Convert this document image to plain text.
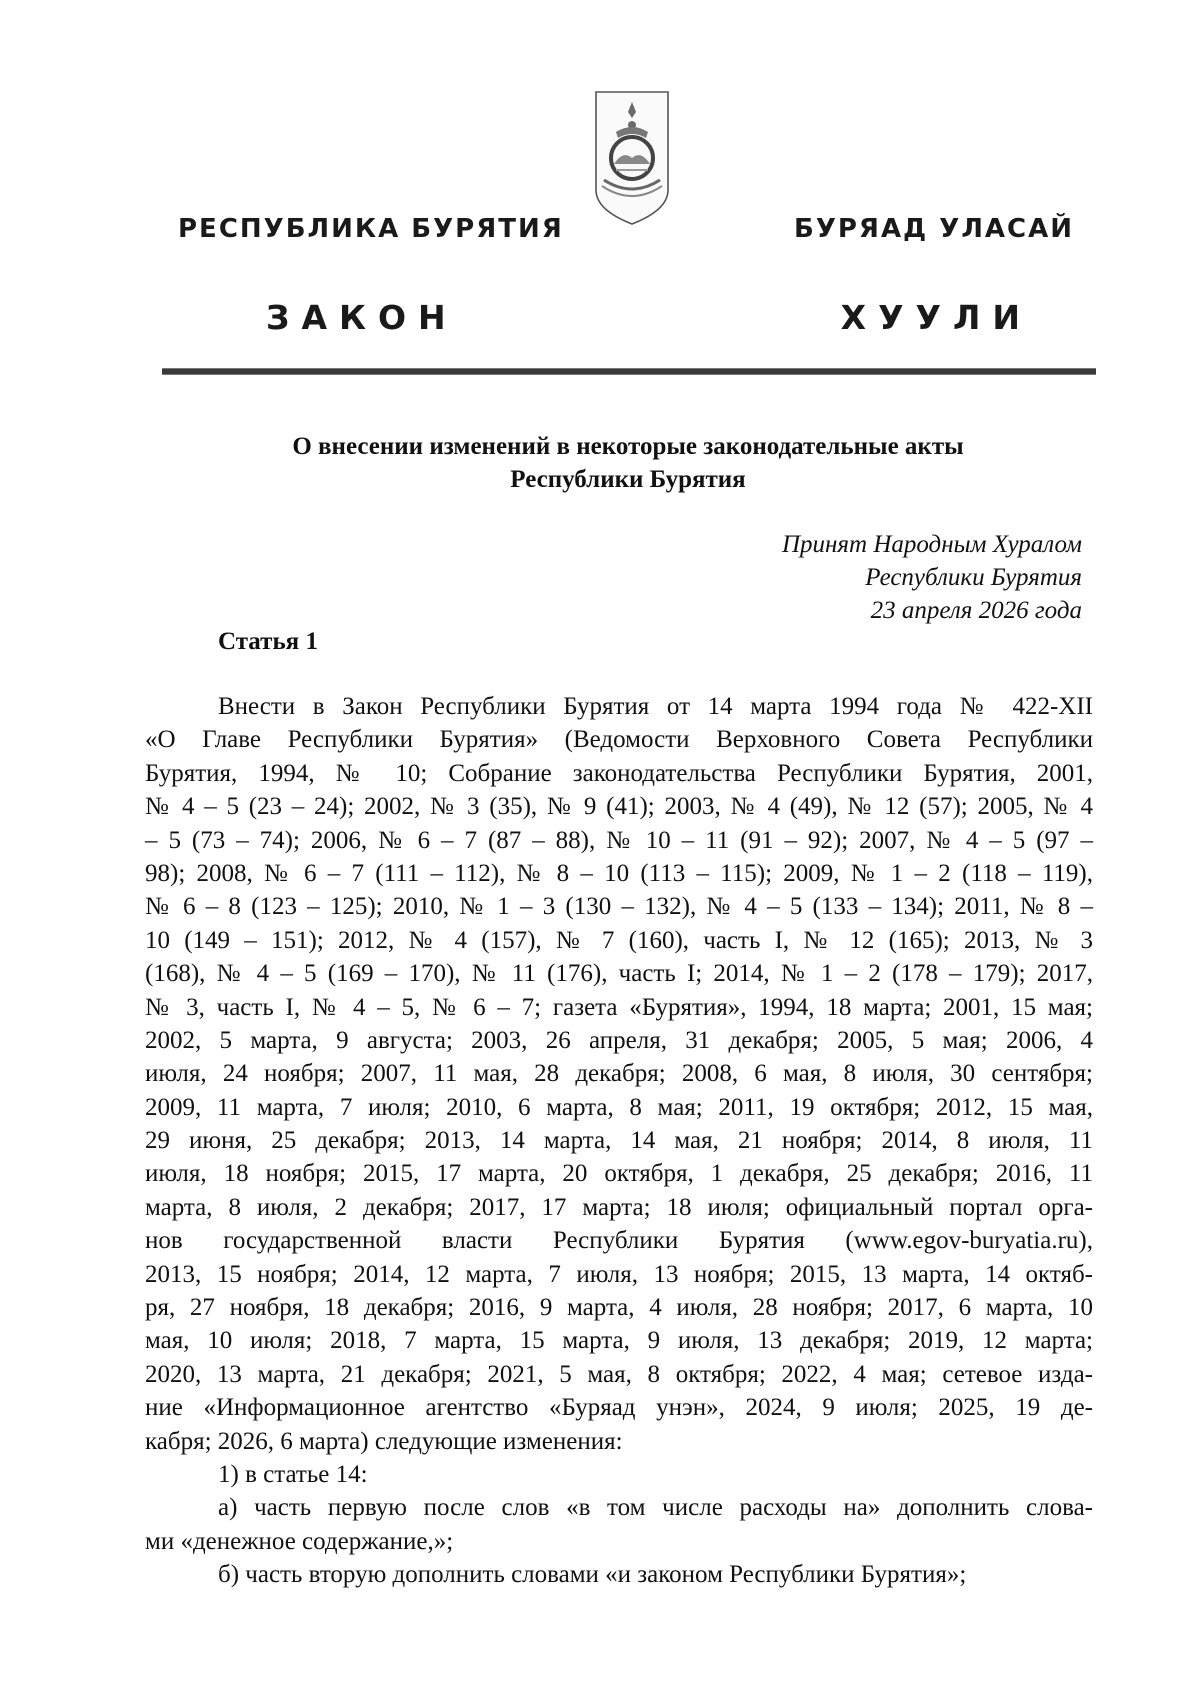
РЕСПУБЛИКА БУРЯТИЯ	БУРЯАД УЛАСАЙ
ЗАКОН	ХУУЛИ
О внесении изменений в некоторые законодательные акты
Республики Бурятия
Принят Народным Хуралом
Республики Бурятия
23 апреля 2026 года
Статья 1
Внести в Закон Республики Бурятия от 14 марта 1994 года № 422-XII
«О Главе Республики Бурятия» (Ведомости Верховного Совета Республики
Бурятия, 1994, № 10; Собрание законодательства Республики Бурятия, 2001,
№ 4 – 5 (23 – 24); 2002, № 3 (35), № 9 (41); 2003, № 4 (49), № 12 (57); 2005, № 4
– 5 (73 – 74); 2006, № 6 – 7 (87 – 88), № 10 – 11 (91 – 92); 2007, № 4 – 5 (97 –
98); 2008, № 6 – 7 (111 – 112), № 8 – 10 (113 – 115); 2009, № 1 – 2 (118 – 119),
№ 6 – 8 (123 – 125); 2010, № 1 – 3 (130 – 132), № 4 – 5 (133 – 134); 2011, № 8 –
10 (149 – 151); 2012, № 4 (157), № 7 (160), часть I, № 12 (165); 2013, № 3
(168), № 4 – 5 (169 – 170), № 11 (176), часть I; 2014, № 1 – 2 (178 – 179); 2017,
№ 3, часть I, № 4 – 5, № 6 – 7; газета «Бурятия», 1994, 18 марта; 2001, 15 мая;
2002, 5 марта, 9 августа; 2003, 26 апреля, 31 декабря; 2005, 5 мая; 2006, 4
июля, 24 ноября; 2007, 11 мая, 28 декабря; 2008, 6 мая, 8 июля, 30 сентября;
2009, 11 марта, 7 июля; 2010, 6 марта, 8 мая; 2011, 19 октября; 2012, 15 мая,
29 июня, 25 декабря; 2013, 14 марта, 14 мая, 21 ноября; 2014, 8 июля, 11
июля, 18 ноября; 2015, 17 марта, 20 октября, 1 декабря, 25 декабря; 2016, 11
марта, 8 июля, 2 декабря; 2017, 17 марта; 18 июля; официальный портал орга-
нов государственной власти Республики Бурятия (www.egov-buryatia.ru),
2013, 15 ноября; 2014, 12 марта, 7 июля, 13 ноября; 2015, 13 марта, 14 октяб-
ря, 27 ноября, 18 декабря; 2016, 9 марта, 4 июля, 28 ноября; 2017, 6 марта, 10
мая, 10 июля; 2018, 7 марта, 15 марта, 9 июля, 13 декабря; 2019, 12 марта;
2020, 13 марта, 21 декабря; 2021, 5 мая, 8 октября; 2022, 4 мая; сетевое изда-
ние «Информационное агентство «Буряад унэн», 2024, 9 июля; 2025, 19 де-
кабря; 2026, 6 марта) следующие изменения:
1) в статье 14:
а) часть первую после слов «в том числе расходы на» дополнить слова-
ми «денежное содержание,»;
б) часть вторую дополнить словами «и законом Республики Бурятия»;
